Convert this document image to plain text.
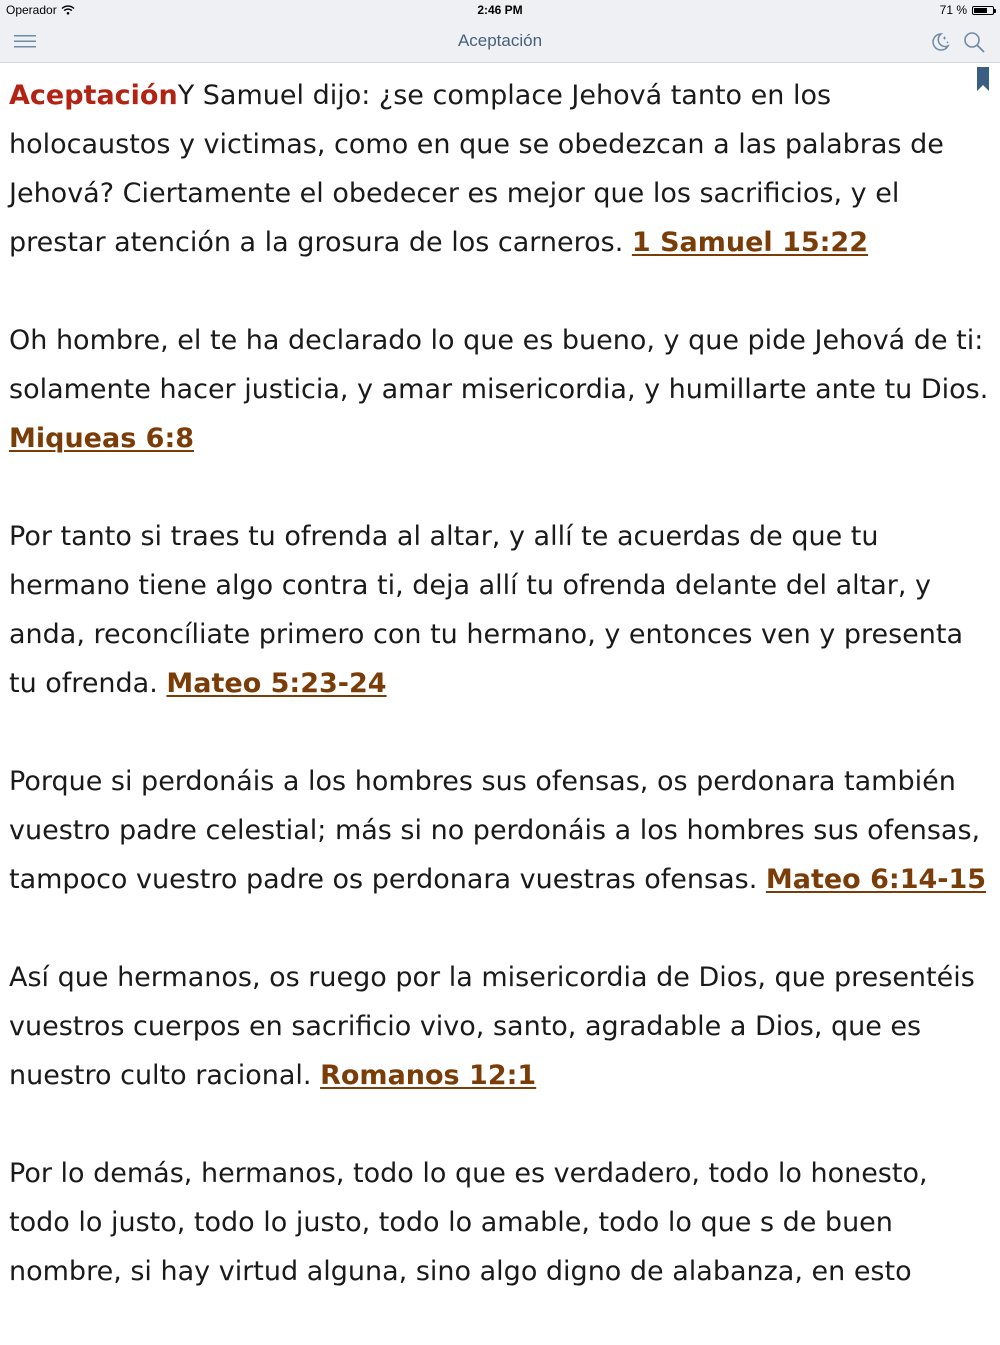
Operador	2:46 PM	71 %
Aceptación

AceptaciónY Samuel dijo: ¿se complace Jehová tanto en los holocaustos y victimas, como en que se obedezcan a las palabras de Jehová? Ciertamente el obedecer es mejor que los sacrificios, y el prestar atención a la grosura de los carneros. 1 Samuel 15:22

Oh hombre, el te ha declarado lo que es bueno, y que pide Jehová de ti: solamente hacer justicia, y amar misericordia, y humillarte ante tu Dios. Miqueas 6:8

Por tanto si traes tu ofrenda al altar, y allí te acuerdas de que tu hermano tiene algo contra ti, deja allí tu ofrenda delante del altar, y anda, reconcíliate primero con tu hermano, y entonces ven y presenta tu ofrenda. Mateo 5:23-24

Porque si perdonáis a los hombres sus ofensas, os perdonara también vuestro padre celestial; más si no perdonáis a los hombres sus ofensas, tampoco vuestro padre os perdonara vuestras ofensas. Mateo 6:14-15

Así que hermanos, os ruego por la misericordia de Dios, que presentéis vuestros cuerpos en sacrificio vivo, santo, agradable a Dios, que es nuestro culto racional. Romanos 12:1

Por lo demás, hermanos, todo lo que es verdadero, todo lo honesto, todo lo justo, todo lo justo, todo lo amable, todo lo que s de buen nombre, si hay virtud alguna, sino algo digno de alabanza, en esto
